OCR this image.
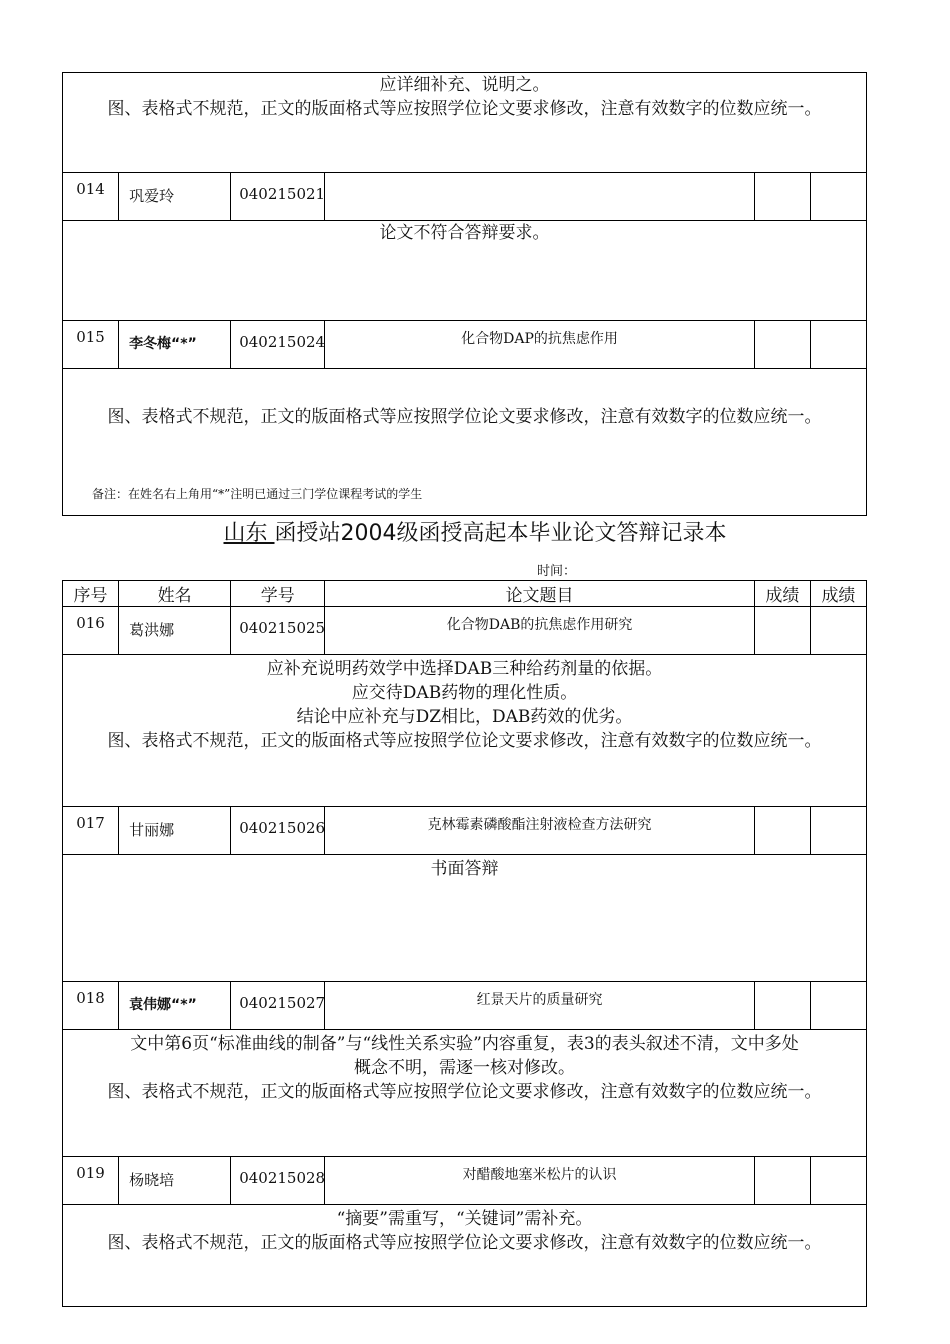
应详细补充、说明之。
图、表格式不规范，正文的版面格式等应按照学位论文要求修改，注意有效数字的位数应统一。					

014	巩爱玲	040215021			

论文不符合答辩要求。					

015	李冬梅“*”	040215024	化合物DAP的抗焦虑作用		

图、表格式不规范，正文的版面格式等应按照学位论文要求修改，注意有效数字的位数应统一。					
备注：在姓名右上角用“*”注明已通过三门学位课程考试的学生
山东 函授站2004级函授高起本毕业论文答辩记录本
时间：
序号	姓名	学号	论文题目	成绩	成绩
016	葛洪娜	040215025	化合物DAB的抗焦虑作用研究		

应补充说明药效学中选择DAB三种给药剂量的依据。
应交待DAB药物的理化性质。
结论中应补充与DZ相比，DAB药效的优劣。
图、表格式不规范，正文的版面格式等应按照学位论文要求修改，注意有效数字的位数应统一。					

017	甘丽娜	040215026	克林霉素磷酸酯注射液检查方法研究		

书面答辩					

018	袁伟娜“*”	040215027	红景天片的质量研究		

文中第6页“标准曲线的制备”与“线性关系实验”内容重复，表3的表头叙述不清，文中多处
概念不明，需逐一核对修改。
图、表格式不规范，正文的版面格式等应按照学位论文要求修改，注意有效数字的位数应统一。					

019	杨晓培	040215028	对醋酸地塞米松片的认识		

“摘要”需重写，“关键词”需补充。
图、表格式不规范，正文的版面格式等应按照学位论文要求修改，注意有效数字的位数应统一。					
